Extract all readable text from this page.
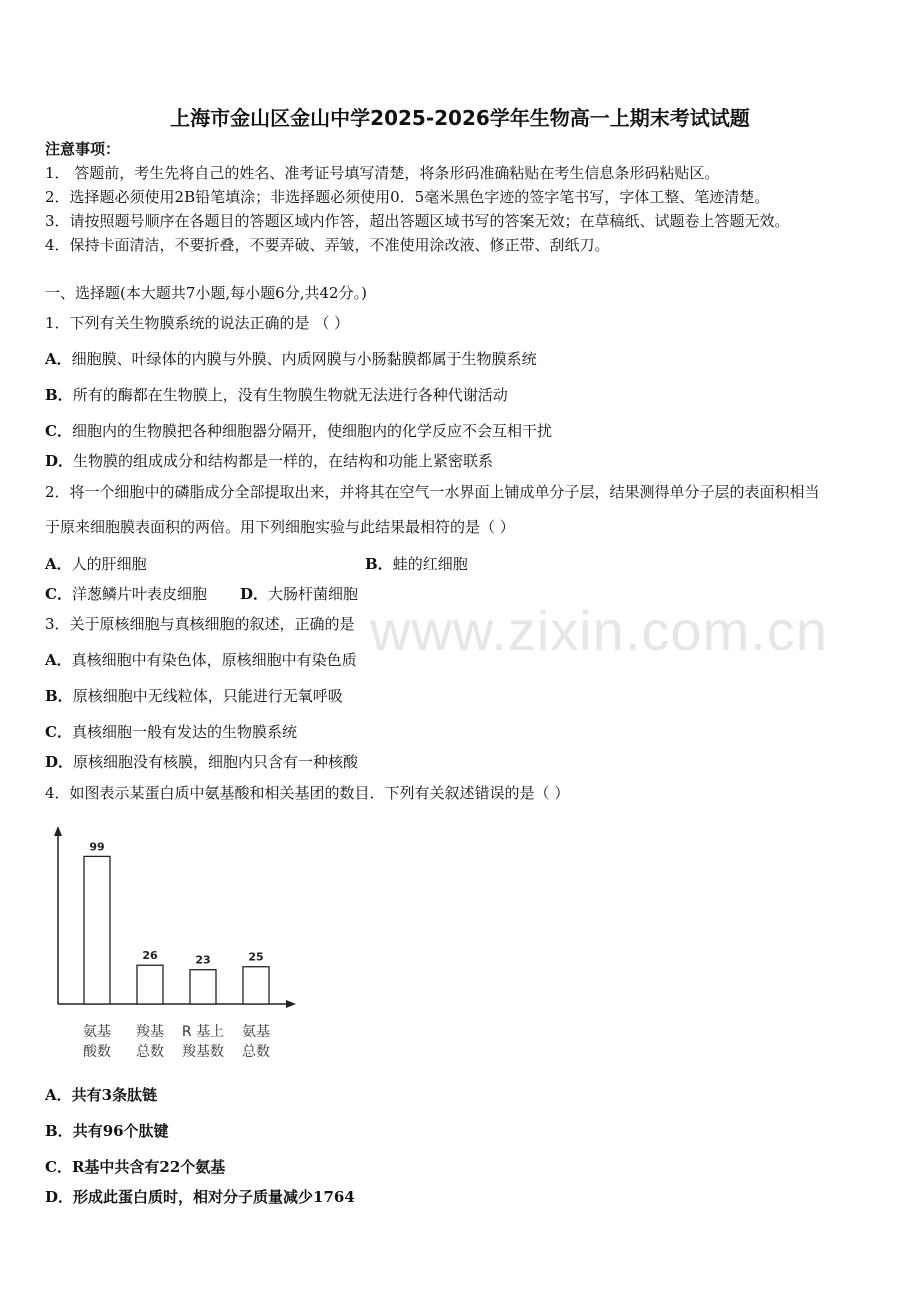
上海市金山区金山中学2025-2026学年生物高一上期末考试试题
注意事项：
1． 答题前，考生先将自己的姓名、准考证号填写清楚，将条形码准确粘贴在考生信息条形码粘贴区。
2．选择题必须使用2B铅笔填涂；非选择题必须使用0．5毫米黑色字迹的签字笔书写，字体工整、笔迹清楚。
3．请按照题号顺序在各题目的答题区域内作答，超出答题区域书写的答案无效；在草稿纸、试题卷上答题无效。
4．保持卡面清洁，不要折叠，不要弄破、弄皱，不准使用涂改液、修正带、刮纸刀。
一、选择题(本大题共7小题,每小题6分,共42分。)
1．下列有关生物膜系统的说法正确的是 （ ）
A．细胞膜、叶绿体的内膜与外膜、内质网膜与小肠黏膜都属于生物膜系统
B．所有的酶都在生物膜上，没有生物膜生物就无法进行各种代谢活动
C．细胞内的生物膜把各种细胞器分隔开，使细胞内的化学反应不会互相干扰
D．生物膜的组成成分和结构都是一样的，在结构和功能上紧密联系
2．将一个细胞中的磷脂成分全部提取出来，并将其在空气一水界面上铺成单分子层，结果测得单分子层的表面积相当
于原来细胞膜表面积的两倍。用下列细胞实验与此结果最相符的是（ ）
A．人的肝细胞	B．蛙的红细胞
C．洋葱鳞片叶表皮细胞 D．大肠杆菌细胞
www.zixin.com.cn
3．关于原核细胞与真核细胞的叙述，正确的是
A．真核细胞中有染色体，原核细胞中有染色质
B．原核细胞中无线粒体，只能进行无氧呼吸
C．真核细胞一般有发达的生物膜系统
D．原核细胞没有核膜，细胞内只含有一种核酸
4．如图表示某蛋白质中氨基酸和相关基团的数目．下列有关叙述错误的是（ ）
99
26	23	25
氨基
酸数
羧基
总数
R 基上
羧基数
氨基
总数
A．共有3条肽链
B．共有96个肽键
C．R基中共含有22个氨基
D．形成此蛋白质时，相对分子质量减少1764
